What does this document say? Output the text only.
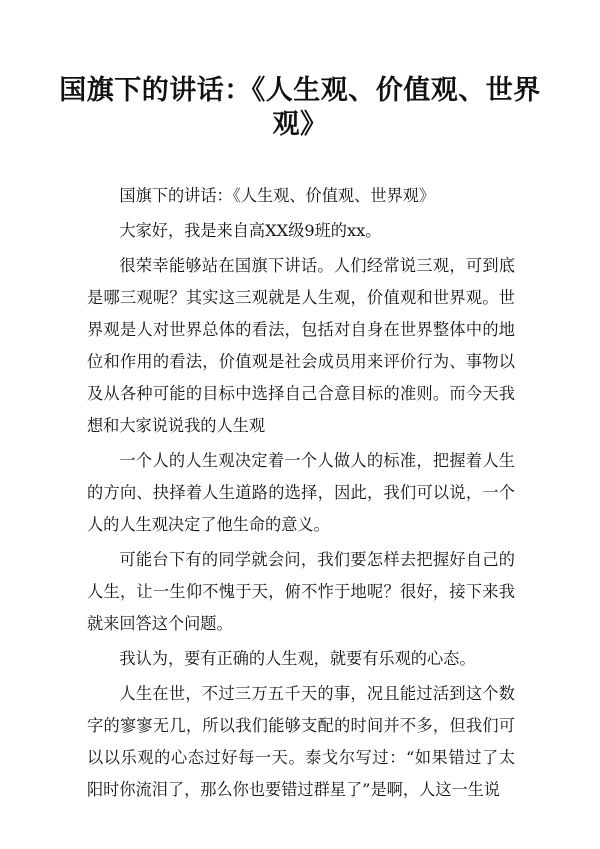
国旗下的讲话：《人生观、价值观、世界观》

国旗下的讲话：《人生观、价值观、世界观》

大家好，我是来自高XX级9班的xx。

很荣幸能够站在国旗下讲话。人们经常说三观，可到底是哪三观呢？其实这三观就是人生观，价值观和世界观。世界观是人对世界总体的看法，包括对自身在世界整体中的地位和作用的看法，价值观是社会成员用来评价行为、事物以及从各种可能的目标中选择自己合意目标的准则。而今天我想和大家说说我的人生观

一个人的人生观决定着一个人做人的标准，把握着人生的方向、抉择着人生道路的选择，因此，我们可以说，一个人的人生观决定了他生命的意义。

可能台下有的同学就会问，我们要怎样去把握好自己的人生，让一生仰不愧于天，俯不怍于地呢？很好，接下来我就来回答这个问题。

我认为，要有正确的人生观，就要有乐观的心态。

人生在世，不过三万五千天的事，况且能过活到这个数字的寥寥无几，所以我们能够支配的时间并不多，但我们可以以乐观的心态过好每一天。泰戈尔写过：“如果错过了太阳时你流泪了，那么你也要错过群星了”是啊，人这一生说
